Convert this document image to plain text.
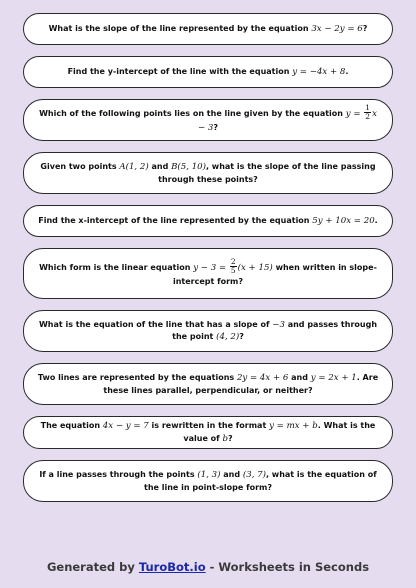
What is the slope of the line represented by the equation 3x − 2y = 6?
Find the y-intercept of the line with the equation y = −4x + 8.
Which of the following points lies on the line given by the equation $y = \frac{1}{2}$ x − 3?
Given two points A(1, 2) and B(5, 10), what is the slope of the line passing through these points?
Find the x-intercept of the line represented by the equation 5y + 10x = 20.
Which form is the linear equation $y - 3 = \frac{2}{5} (x + 15)$ when written in slope-intercept form?
What is the equation of the line that has a slope of −3 and passes through the point (4, 2)?
Two lines are represented by the equations 2y = 4x + 6 and y = 2x + 1. Are these lines parallel, perpendicular, or neither?
The equation 4x − y = 7 is rewritten in the format y = mx + b. What is the value of b?
If a line passes through the points (1, 3) and (3, 7), what is the equation of the line in point-slope form?
Generated by TuroBot.io - Worksheets in Seconds
